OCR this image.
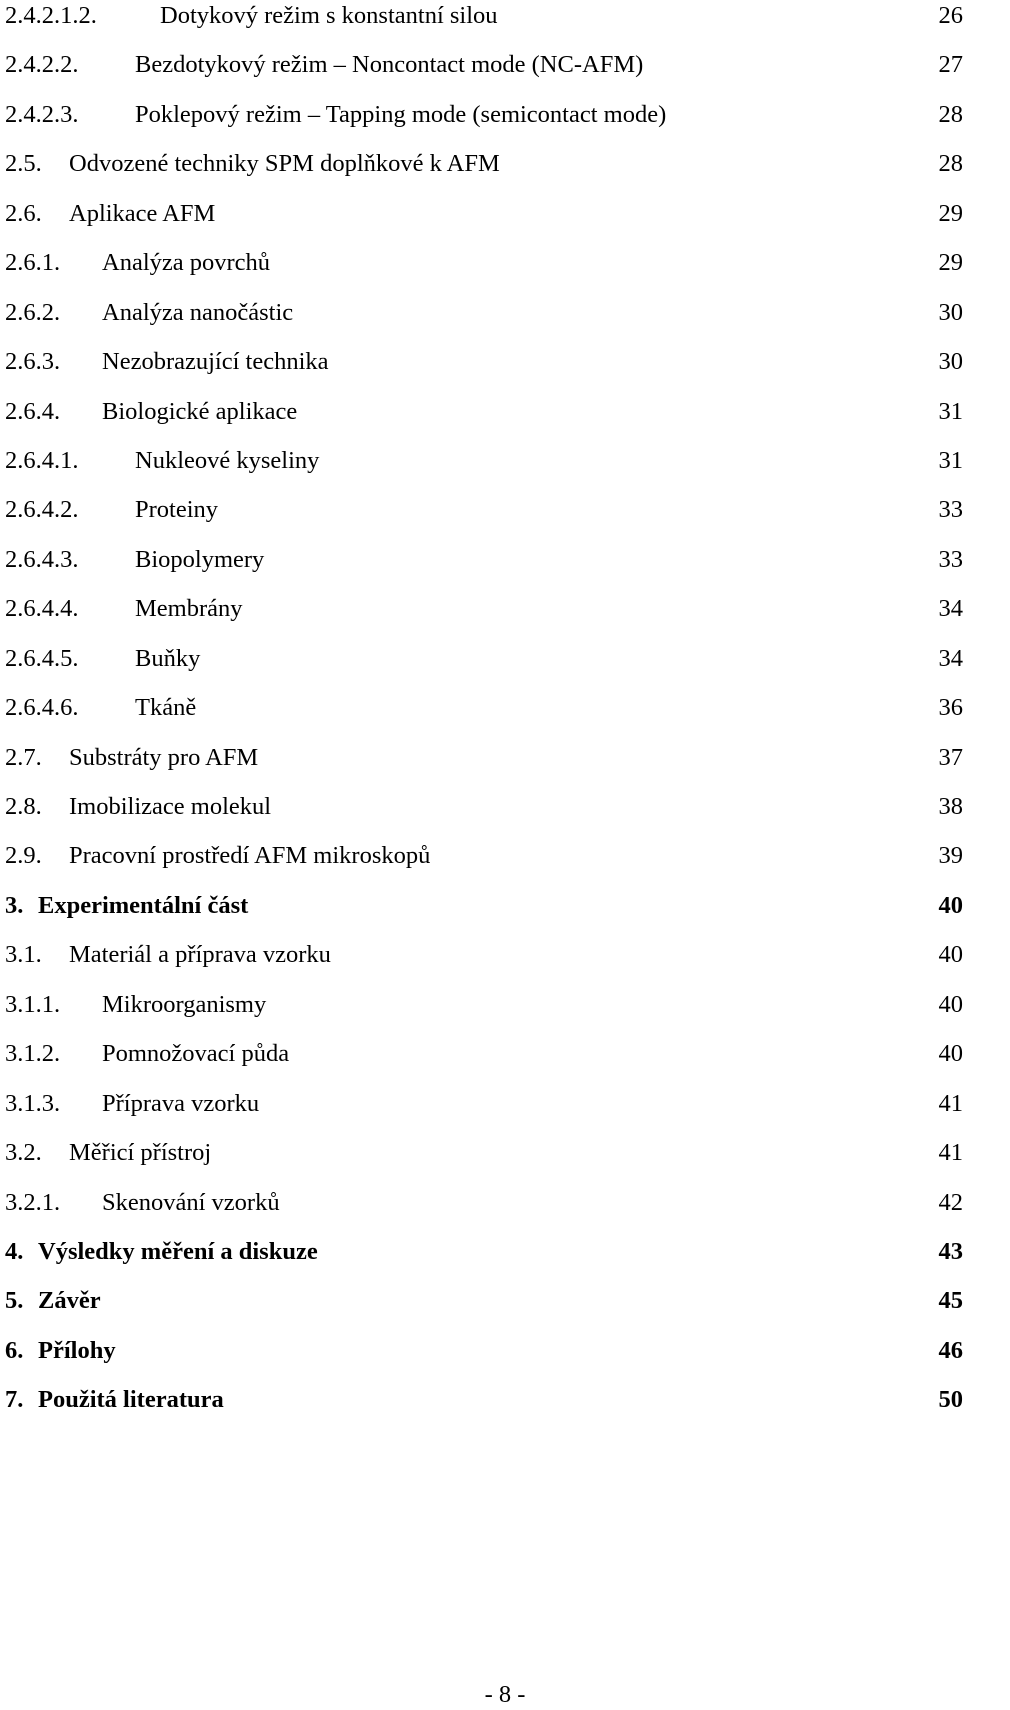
2.4.2.1.2.	Dotykový režim s konstantní silou	26
2.4.2.2. Bezdotykový režim – Noncontact mode (NC-AFM)	27
2.4.2.3. Poklepový režim – Tapping mode (semicontact mode)	28
2.5. Odvozené techniky SPM doplňkové k AFM	28
2.6. Aplikace AFM	29
2.6.1. Analýza povrchů	29
2.6.2. Analýza nanočástic	30
2.6.3. Nezobrazující technika	30
2.6.4. Biologické aplikace	31
2.6.4.1. Nukleové kyseliny	31
2.6.4.2. Proteiny	33
2.6.4.3. Biopolymery	33
2.6.4.4. Membrány	34
2.6.4.5. Buňky	34
2.6.4.6. Tkáně	36
2.7. Substráty pro AFM	37
2.8. Imobilizace molekul	38
2.9. Pracovní prostředí AFM mikroskopů	39
3. Experimentální část	40
3.1. Materiál a příprava vzorku	40
3.1.1. Mikroorganismy	40
3.1.2. Pomnožovací půda	40
3.1.3. Příprava vzorku	41
3.2. Měřicí přístroj	41
3.2.1. Skenování vzorků	42
4. Výsledky měření a diskuze	43
5. Závěr	45
6. Přílohy	46
7. Použitá literatura	50
- 8 -
